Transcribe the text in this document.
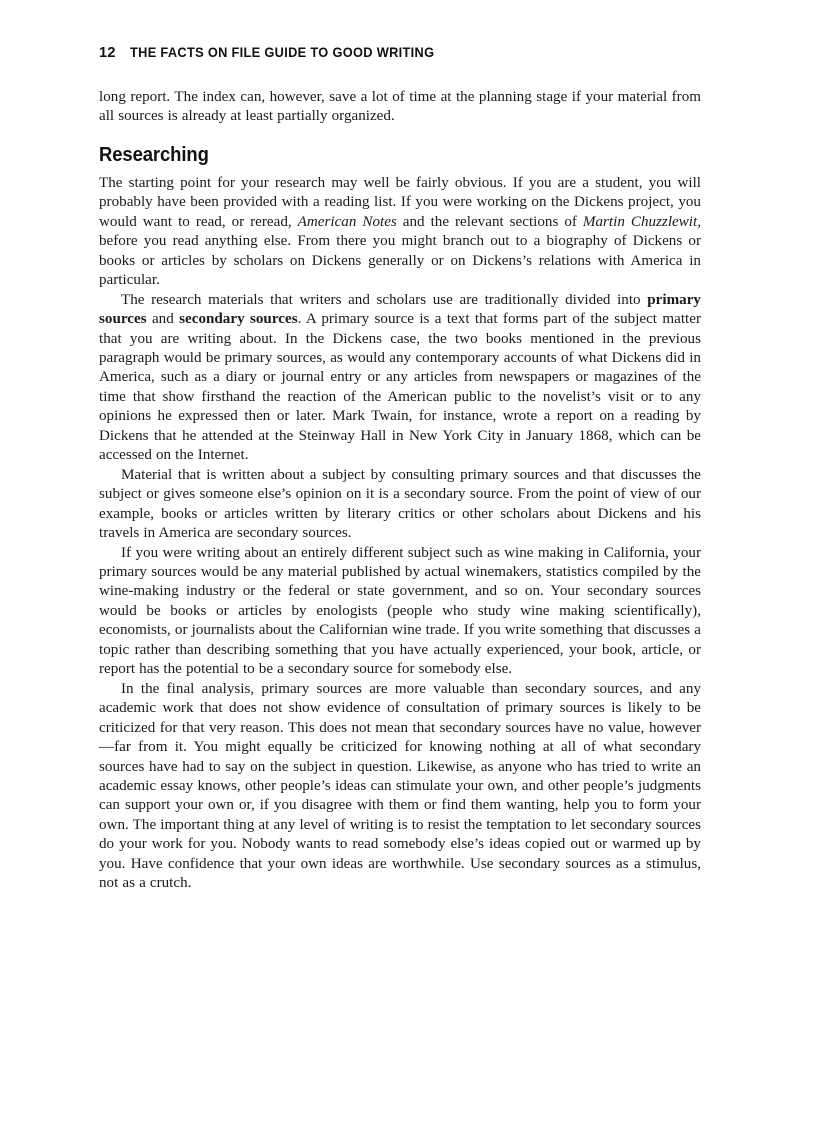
12 THE FACTS ON FILE GUIDE TO GOOD WRITING

long report. The index can, however, save a lot of time at the planning stage if your material from all sources is already at least partially organized.

Researching

The starting point for your research may well be fairly obvious. If you are a student, you will probably have been provided with a reading list. If you were working on the Dickens project, you would want to read, or reread, American Notes and the relevant sections of Martin Chuzzlewit, before you read anything else. From there you might branch out to a biography of Dickens or books or articles by scholars on Dickens generally or on Dickens’s relations with America in particular.

The research materials that writers and scholars use are traditionally divided into primary sources and secondary sources. A primary source is a text that forms part of the subject matter that you are writing about. In the Dickens case, the two books mentioned in the previous paragraph would be primary sources, as would any contemporary accounts of what Dickens did in America, such as a diary or journal entry or any articles from newspapers or magazines of the time that show firsthand the reaction of the American public to the novelist’s visit or to any opinions he expressed then or later. Mark Twain, for instance, wrote a report on a reading by Dickens that he attended at the Steinway Hall in New York City in January 1868, which can be accessed on the Internet.

Material that is written about a subject by consulting primary sources and that discusses the subject or gives someone else’s opinion on it is a secondary source. From the point of view of our example, books or articles written by literary critics or other scholars about Dickens and his travels in America are secondary sources.

If you were writing about an entirely different subject such as wine making in California, your primary sources would be any material published by actual winemakers, statistics compiled by the wine-making industry or the federal or state government, and so on. Your secondary sources would be books or articles by enologists (people who study wine making scientifically), economists, or journalists about the Californian wine trade. If you write something that discusses a topic rather than describing something that you have actually experienced, your book, article, or report has the potential to be a secondary source for somebody else.

In the final analysis, primary sources are more valuable than secondary sources, and any academic work that does not show evidence of consultation of primary sources is likely to be criticized for that very reason. This does not mean that secondary sources have no value, however—far from it. You might equally be criticized for knowing nothing at all of what secondary sources have had to say on the subject in question. Likewise, as anyone who has tried to write an academic essay knows, other people’s ideas can stimulate your own, and other people’s judgments can support your own or, if you disagree with them or find them wanting, help you to form your own. The important thing at any level of writing is to resist the temptation to let secondary sources do your work for you. Nobody wants to read somebody else’s ideas copied out or warmed up by you. Have confidence that your own ideas are worthwhile. Use secondary sources as a stimulus, not as a crutch.
